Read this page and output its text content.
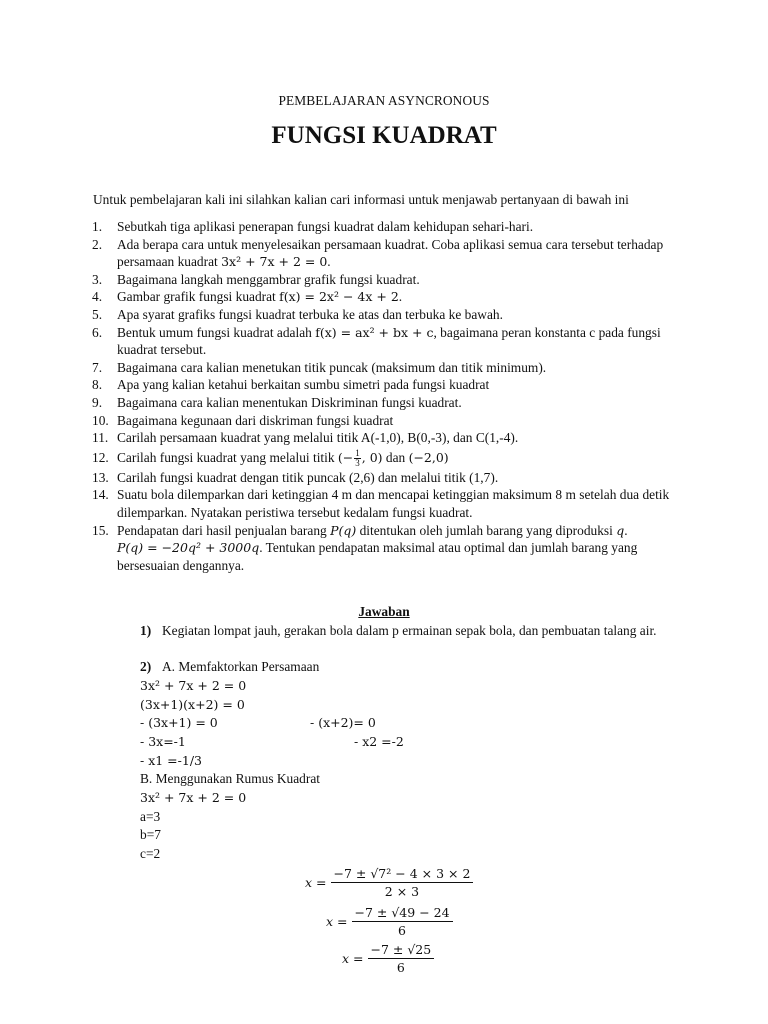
PEMBELAJARAN ASYNCRONOUS
FUNGSI KUADRAT
Untuk pembelajaran kali ini silahkan kalian cari informasi untuk menjawab pertanyaan di bawah ini
1.	Sebutkah tiga aplikasi penerapan fungsi kuadrat dalam kehidupan sehari-hari.
2.	Ada berapa cara untuk menyelesaikan persamaan kuadrat. Coba aplikasi semua cara tersebut terhadap persamaan kuadrat 3x² + 7x + 2 = 0.
3.	Bagaimana langkah menggambrar grafik fungsi kuadrat.
4.	Gambar grafik fungsi kuadrat f(x) = 2x² − 4x + 2.
5.	Apa syarat grafiks fungsi kuadrat terbuka ke atas dan terbuka ke bawah.
6.	Bentuk umum fungsi kuadrat adalah f(x) = ax² + bx + c, bagaimana peran konstanta c pada fungsi kuadrat tersebut.
7.	Bagaimana cara kalian menetukan titik puncak (maksimum dan titik minimum).
8.	Apa yang kalian ketahui berkaitan sumbu simetri pada fungsi kuadrat
9.	Bagaimana cara kalian menentukan Diskriminan fungsi kuadrat.
10. Bagaimana kegunaan dari diskriman fungsi kuadrat
11. Carilah persamaan kuadrat yang melalui titik A(-1,0), B(0,-3), dan C(1,-4).
12. Carilah fungsi kuadrat yang melalui titik (− $\frac{1}{3}$ , 0) dan (−2,0)
13. Carilah fungsi kuadrat dengan titik puncak (2,6) dan melalui titik (1,7).
14. Suatu bola dilemparkan dari ketinggian 4 m dan mencapai ketinggian maksimum 8 m setelah dua detik dilemparkan. Nyatakan peristiwa tersebut kedalam fungsi kuadrat.
15. Pendapatan dari hasil penjualan barang P(q) ditentukan oleh jumlah barang yang diproduksi q.
P(q) = −20q² + 3000q. Tentukan pendapatan maksimal atau optimal dan jumlah barang yang bersesuaian dengannya.
Jawaban
1) Kegiatan lompat jauh, gerakan bola dalam p ermainan sepak bola, dan pembuatan talang air.
2) A. Memfaktorkan Persamaan
3x² + 7x + 2 = 0
(3x+1)(x+2) = 0
- (3x+1) = 0	- (x+2)= 0
- 3x=-1	- x2 =-2
- x1 =-1/3
B. Menggunakan Rumus Kuadrat
3x² + 7x + 2 = 0
a=3
b=7
c=2
$x = \frac{\text{−7 ± √7² − 4 × 3 × 2}}{2 \times 3}$
$x = \frac{-7 \pm √49 - 24}{6}$
$x = \frac{-7 \pm √25}{6}$
